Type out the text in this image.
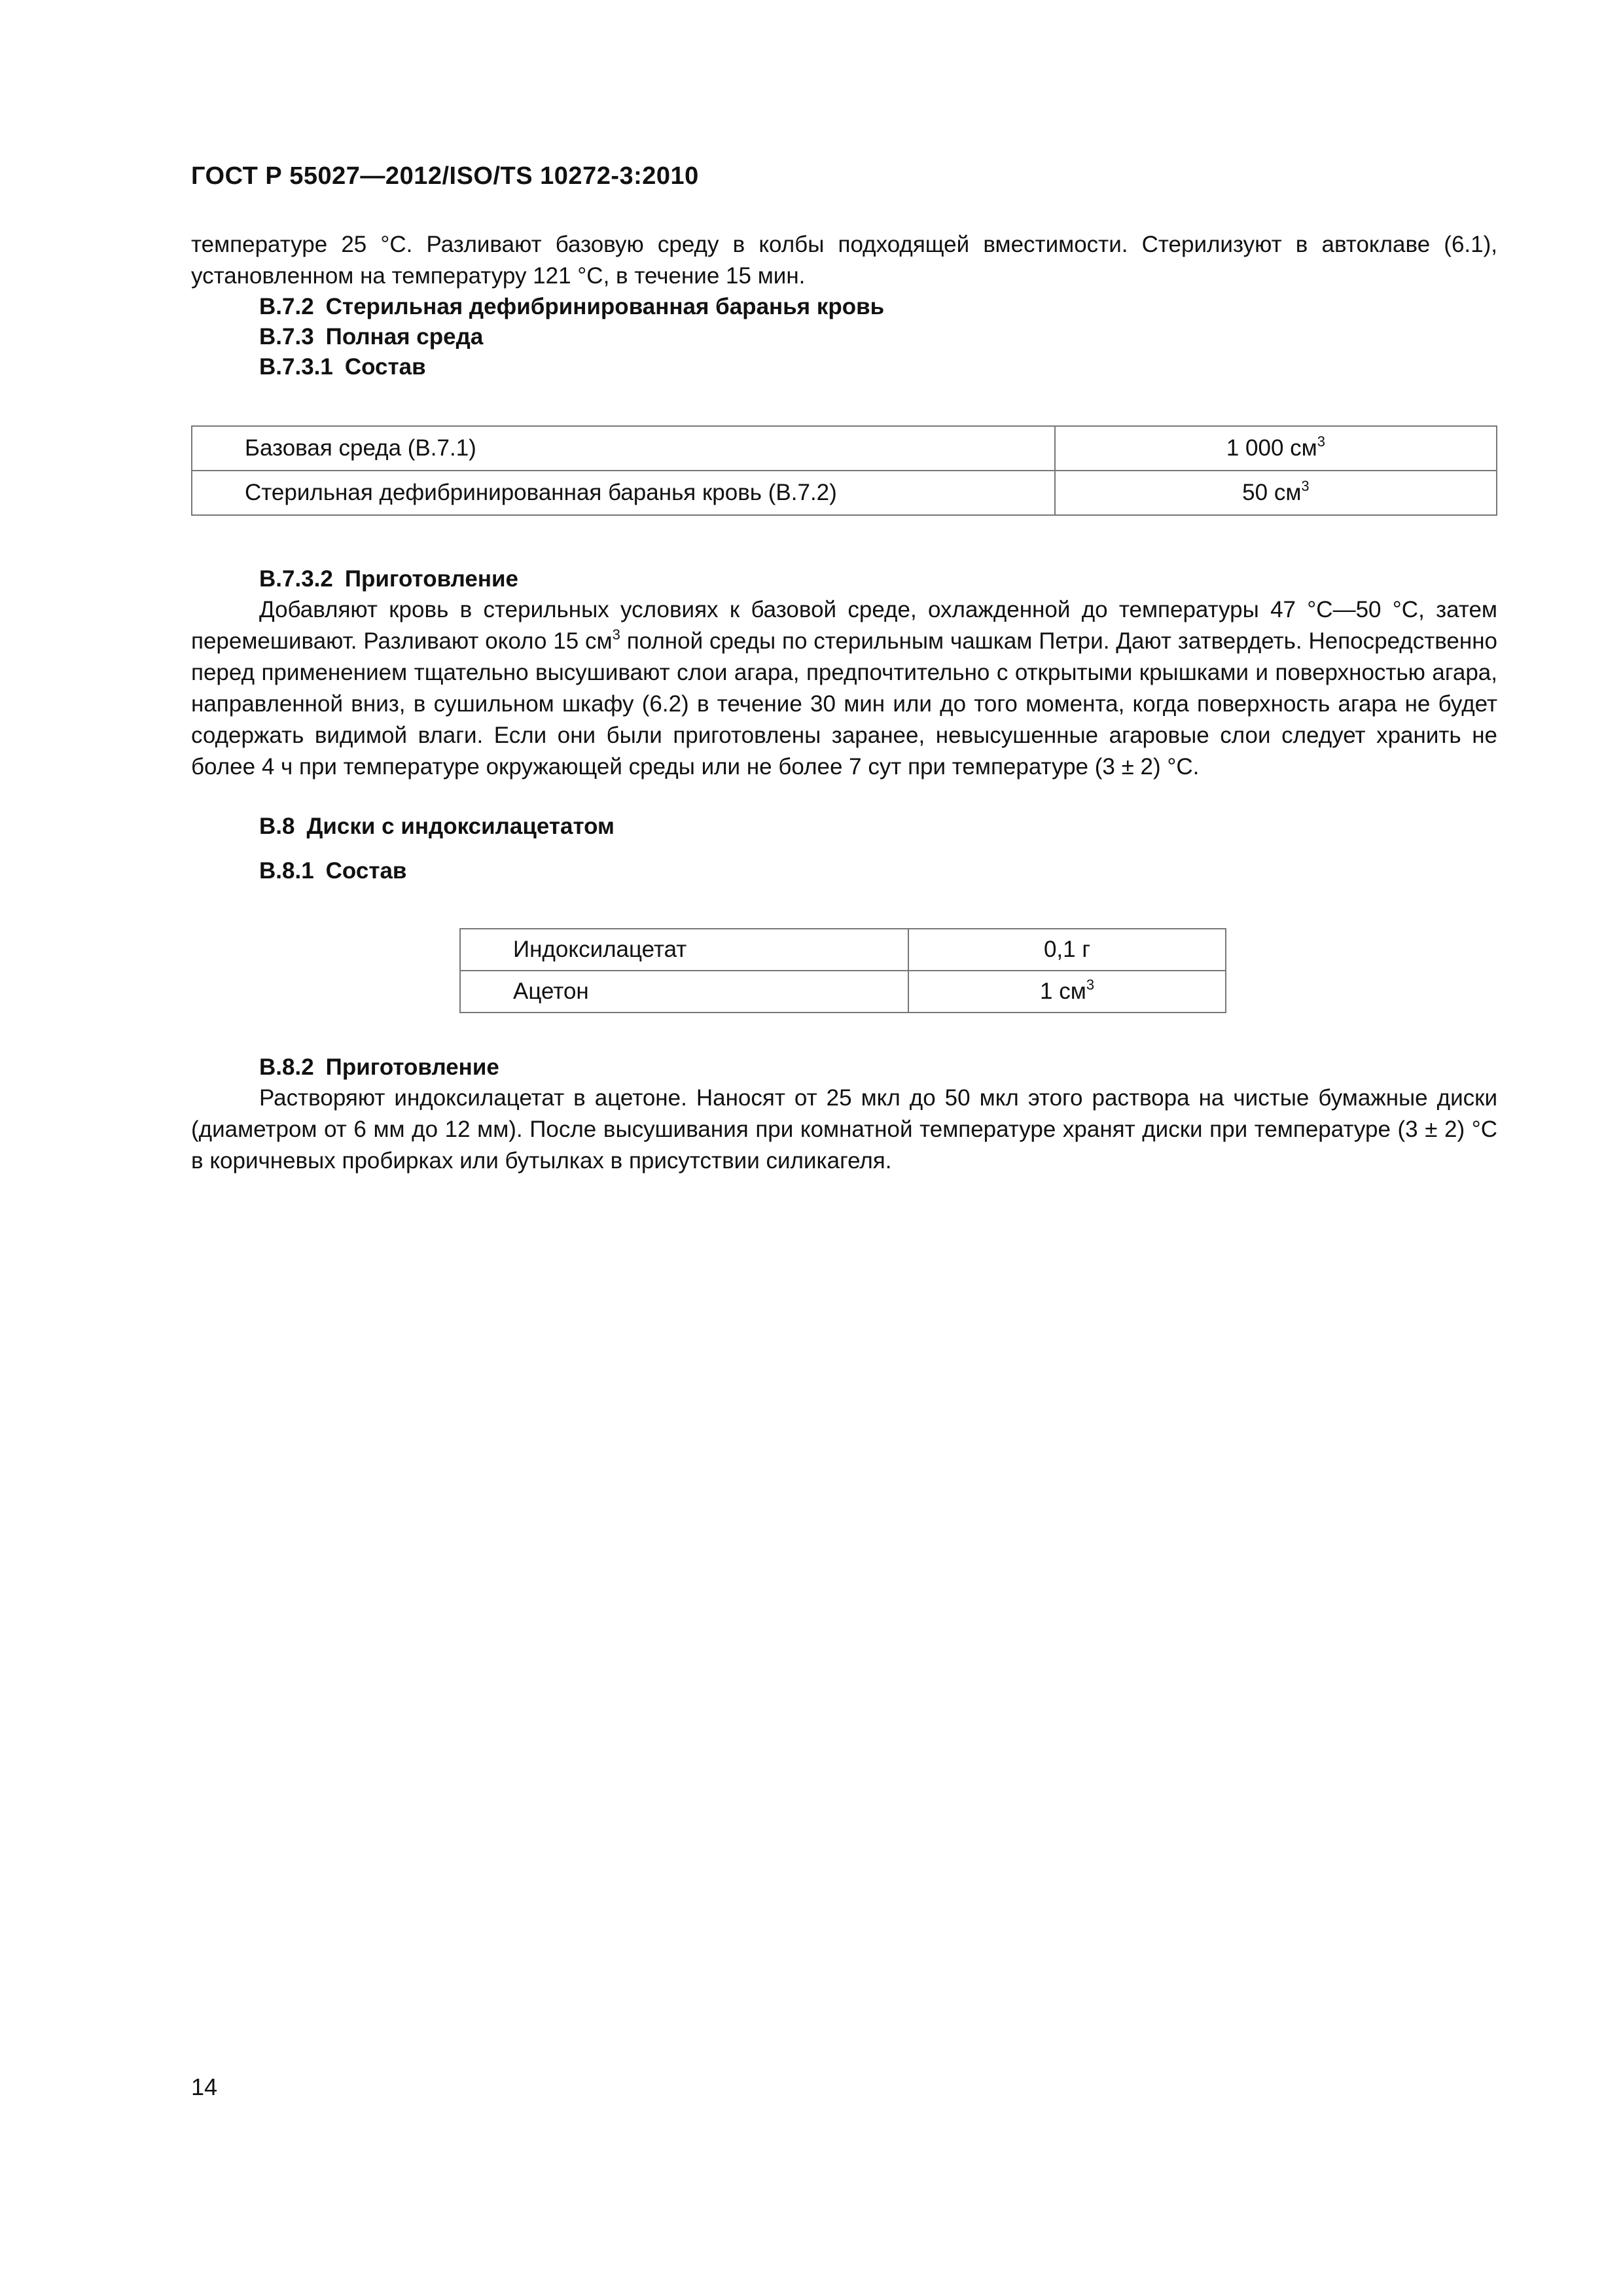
ГОСТ Р 55027—2012/ISO/TS 10272-3:2010

температуре 25 °С. Разливают базовую среду в колбы подходящей вместимости. Стерилизуют в автоклаве (6.1),

установленном на температуру 121 °С, в течение 15 мин.

В.7.2 Стерильная дефибринированная баранья кровь

В.7.3 Полная среда

В.7.3.1 Состав

Базовая среда (В.7.1)	1 000 $см^3$
Стерильная дефибринированная баранья кровь (В.7.2)	50 $см^3$

В.7.3.2 Приготовление

Добавляют кровь в стерильных условиях к базовой среде, охлажденной до температуры 47 °С—50 °С, затем перемешивают. Разливают около 15 $см^3$ полной среды по стерильным чашкам Петри. Дают затвердеть. Непосредственно перед применением тщательно высушивают слои агара, предпочтительно с открытыми крышками и поверхностью агара, направленной вниз, в сушильном шкафу (6.2) в течение 30 мин или до того момента, когда поверхность агара не будет содержать видимой влаги. Если они были приготовлены заранее, невысушенные агаровые слои следует хранить не более 4 ч при температуре окружающей среды или не более 7 сут при температуре (3 ± 2) °С.

В.8 Диски с индоксилацетатом

В.8.1 Состав

Индоксилацетат	0,1 г
Ацетон	1 $см^3$

В.8.2 Приготовление

Растворяют индоксилацетат в ацетоне. Наносят от 25 мкл до 50 мкл этого раствора на чистые бумажные диски (диаметром от 6 мм до 12 мм). После высушивания при комнатной температуре хранят диски при температуре (3 ± 2) °С в коричневых пробирках или бутылках в присутствии силикагеля.

14
